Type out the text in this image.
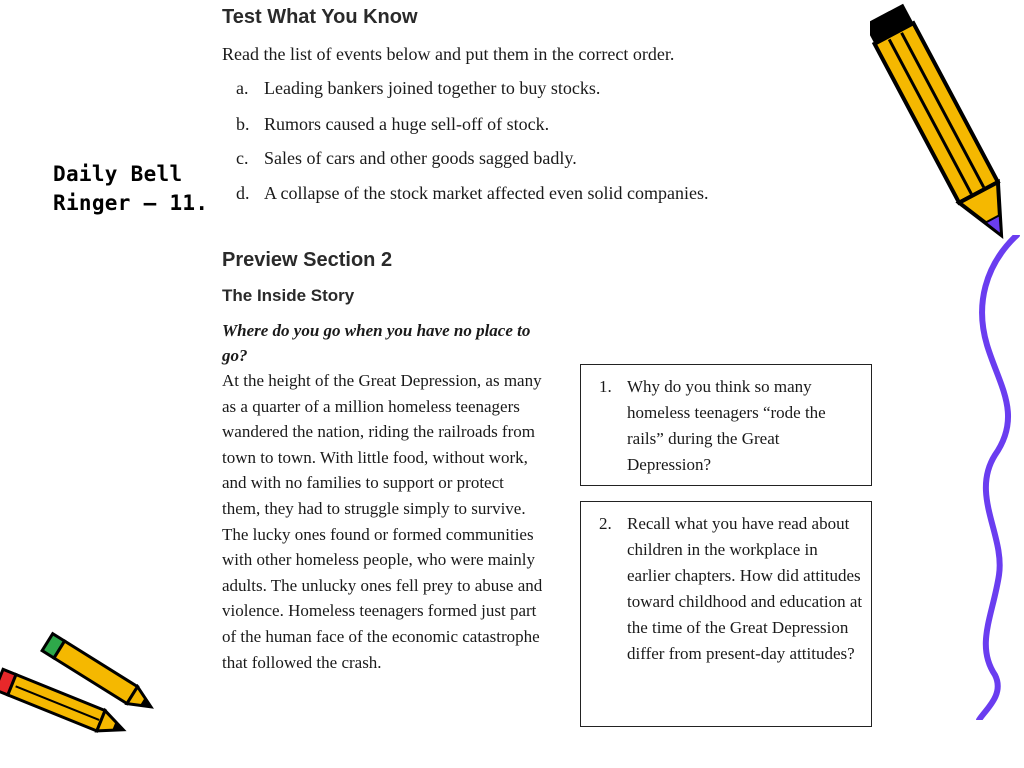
Daily Bell
Ringer – 11.
Test What You Know
Read the list of events below and put them in the correct order.
a. Leading bankers joined together to buy stocks.
b. Rumors caused a huge sell-off of stock.
c. Sales of cars and other goods sagged badly.
d. A collapse of the stock market affected even solid companies.
Preview Section 2
The Inside Story
Where do you go when you have no place to go?
At the height of the Great Depression, as many as a quarter of a million homeless teenagers wandered the nation, riding the railroads from town to town. With little food, without work, and with no families to support or protect them, they had to struggle simply to survive. The lucky ones found or formed communities with other homeless people, who were mainly adults. The unlucky ones fell prey to abuse and violence. Homeless teenagers formed just part of the human face of the economic catastrophe that followed the crash.
1. Why do you think so many homeless teenagers “rode the rails” during the Great Depression?
2. Recall what you have read about children in the workplace in earlier chapters. How did attitudes toward childhood and education at the time of the Great Depression differ from present-day attitudes?
